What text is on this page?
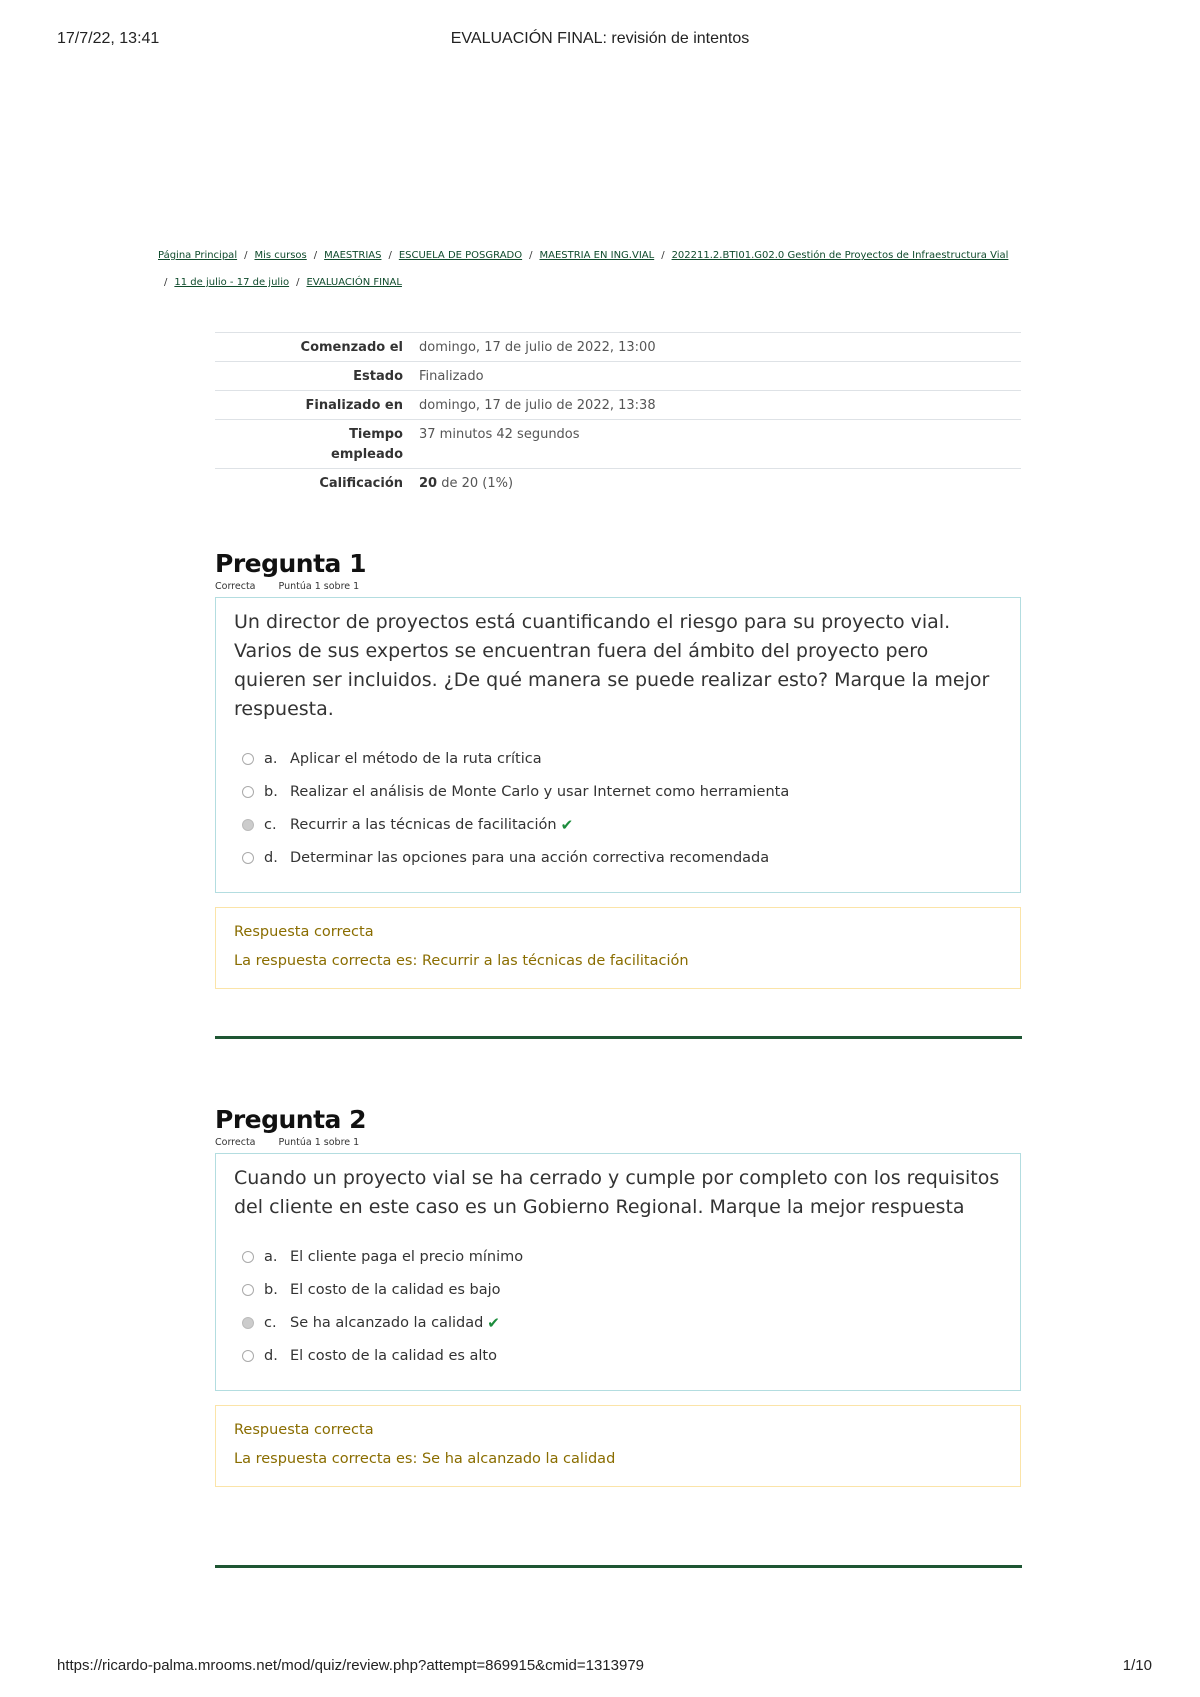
17/7/22, 13:41	EVALUACIÓN FINAL: revisión de intentos
Página Principal / Mis cursos / MAESTRIAS / ESCUELA DE POSGRADO / MAESTRIA EN ING.VIAL / 202211.2.BTI01.G02.0 Gestión de Proyectos de Infraestructura Vial
/ 11 de julio - 17 de julio / EVALUACIÓN FINAL
Comenzado el	domingo, 17 de julio de 2022, 13:00
Estado	Finalizado
Finalizado en	domingo, 17 de julio de 2022, 13:38
Tiempo empleado	37 minutos 42 segundos
Calificación	20 de 20 (1%)
Pregunta 1
Correcta Puntúa 1 sobre 1

Un director de proyectos está cuantificando el riesgo para su proyecto vial. Varios de sus expertos se encuentran fuera del ámbito del proyecto pero quieren ser incluidos. ¿De qué manera se puede realizar esto? Marque la mejor respuesta.

a. Aplicar el método de la ruta crítica
b. Realizar el análisis de Monte Carlo y usar Internet como herramienta
c. Recurrir a las técnicas de facilitación ✔
d. Determinar las opciones para una acción correctiva recomendada
Respuesta correcta
La respuesta correcta es: Recurrir a las técnicas de facilitación
Pregunta 2
Correcta Puntúa 1 sobre 1

Cuando un proyecto vial se ha cerrado y cumple por completo con los requisitos del cliente en este caso es un Gobierno Regional. Marque la mejor respuesta

a. El cliente paga el precio mínimo
b. El costo de la calidad es bajo
c. Se ha alcanzado la calidad ✔
d. El costo de la calidad es alto
Respuesta correcta
La respuesta correcta es: Se ha alcanzado la calidad
https://ricardo-palma.mrooms.net/mod/quiz/review.php?attempt=869915&cmid=1313979	1/10
